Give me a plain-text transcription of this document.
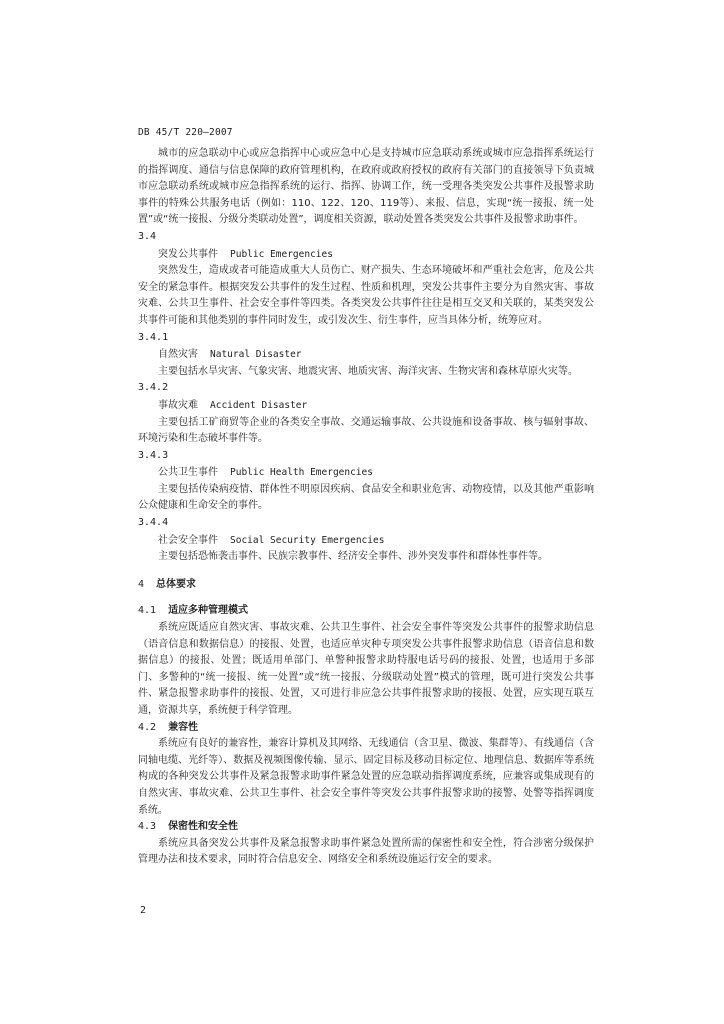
DB 45/T 220—2007

城市的应急联动中心或应急指挥中心或应急中心是支持城市应急联动系统或城市应急指挥系统运行的指挥调度、通信与信息保障的政府管理机构，在政府或政府授权的政府有关部门的直接领导下负责城市应急联动系统或城市应急指挥系统的运行、指挥、协调工作，统一受理各类突发公共事件及报警求助事件的特殊公共服务电话（例如：110、122、120、119等）、来报、信息，实现“统一接报、统一处置”或“统一接报、分级分类联动处置”，调度相关资源，联动处置各类突发公共事件及报警求助事件。

3.4

突发公共事件 Public Emergencies

突然发生，造成或者可能造成重大人员伤亡、财产损失、生态环境破坏和严重社会危害，危及公共安全的紧急事件。根据突发公共事件的发生过程、性质和机理，突发公共事件主要分为自然灾害、事故灾难、公共卫生事件、社会安全事件等四类。各类突发公共事件往往是相互交叉和关联的，某类突发公共事件可能和其他类别的事件同时发生，或引发次生、衍生事件，应当具体分析，统筹应对。

3.4.1

自然灾害 Natural Disaster

主要包括水旱灾害、气象灾害、地震灾害、地质灾害、海洋灾害、生物灾害和森林草原火灾等。

3.4.2

事故灾难 Accident Disaster

主要包括工矿商贸等企业的各类安全事故、交通运输事故、公共设施和设备事故、核与辐射事故、环境污染和生态破坏事件等。

3.4.3

公共卫生事件 Public Health Emergencies

主要包括传染病疫情、群体性不明原因疾病、食品安全和职业危害、动物疫情，以及其他严重影响公众健康和生命安全的事件。

3.4.4

社会安全事件 Social Security Emergencies

主要包括恐怖袭击事件、民族宗教事件、经济安全事件、涉外突发事件和群体性事件等。

4 总体要求

4.1 适应多种管理模式

系统应既适应自然灾害、事故灾难、公共卫生事件、社会安全事件等突发公共事件的报警求助信息（语音信息和数据信息）的接报、处置，也适应单灾种专项突发公共事件报警求助信息（语音信息和数据信息）的接报、处置；既适用单部门、单警种报警求助特服电话号码的接报、处置，也适用于多部门、多警种的“统一接报、统一处置”或“统一接报、分级联动处置”模式的管理，既可进行突发公共事件、紧急报警求助事件的接报、处置，又可进行非应急公共事件报警求助的接报、处置，应实现互联互通，资源共享，系统便于科学管理。

4.2 兼容性

系统应有良好的兼容性，兼容计算机及其网络、无线通信（含卫星、微波、集群等）、有线通信（含同轴电缆、光纤等）、数据及视频图像传输、显示、固定目标及移动目标定位、地理信息、数据库等系统构成的各种突发公共事件及紧急报警求助事件紧急处置的应急联动指挥调度系统，应兼容或集成现有的自然灾害、事故灾难、公共卫生事件、社会安全事件等突发公共事件报警求助的接警、处警等指挥调度系统。

4.3 保密性和安全性

系统应具备突发公共事件及紧急报警求助事件紧急处置所需的保密性和安全性，符合涉密分级保护管理办法和技术要求，同时符合信息安全、网络安全和系统设施运行安全的要求。

2
